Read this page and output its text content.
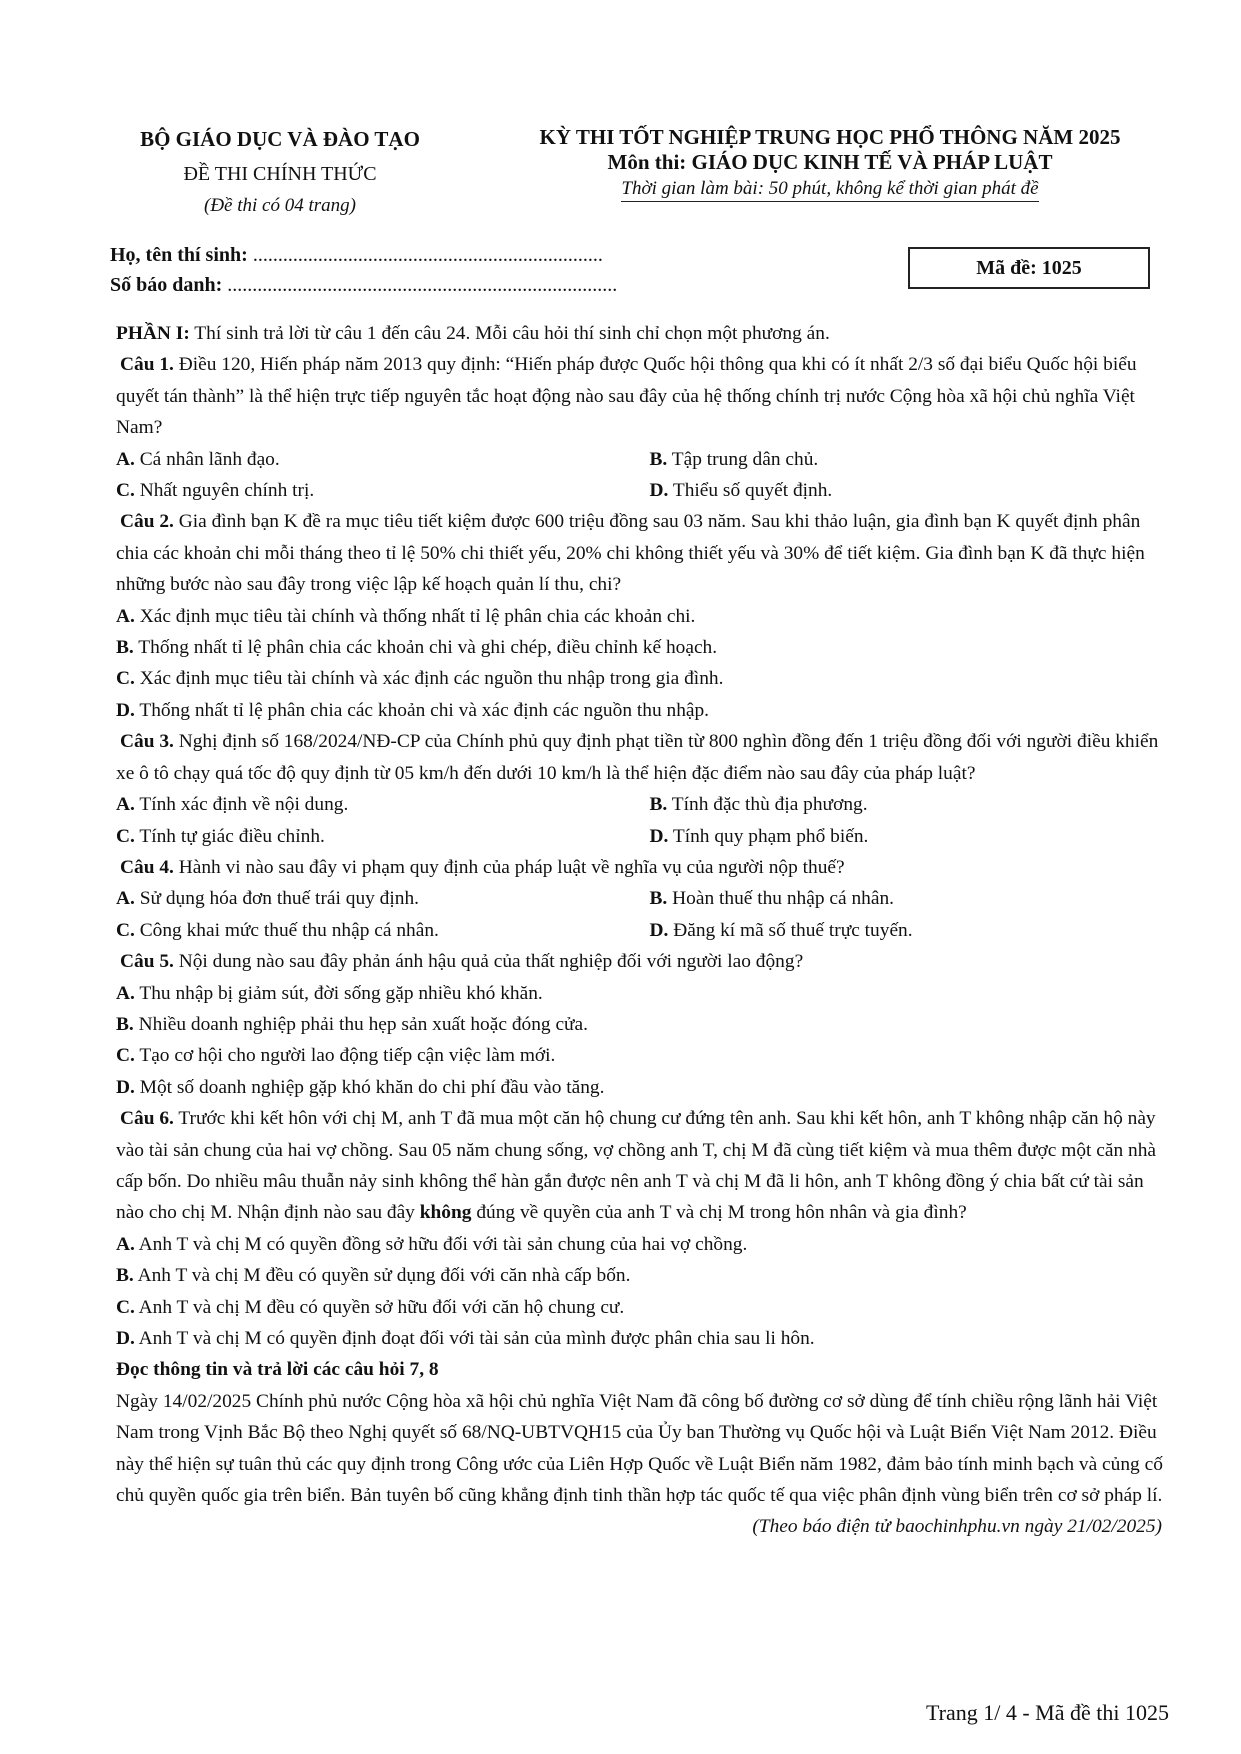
BỘ GIÁO DỤC VÀ ĐÀO TẠO
ĐỀ THI CHÍNH THỨC
(Đề thi có 04 trang)
KỲ THI TỐT NGHIỆP TRUNG HỌC PHỔ THÔNG NĂM 2025
Môn thi: GIÁO DỤC KINH TẾ VÀ PHÁP LUẬT
Thời gian làm bài: 50 phút, không kể thời gian phát đề
Họ, tên thí sinh: ......................................................................
Số báo danh: ..............................................................................
Mã đề: 1025

PHẦN I: Thí sinh trả lời từ câu 1 đến câu 24. Mỗi câu hỏi thí sinh chỉ chọn một phương án.

Câu 1. Điều 120, Hiến pháp năm 2013 quy định: “Hiến pháp được Quốc hội thông qua khi có ít nhất 2/3 số đại biểu Quốc hội biểu quyết tán thành” là thể hiện trực tiếp nguyên tắc hoạt động nào sau đây của hệ thống chính trị nước Cộng hòa xã hội chủ nghĩa Việt Nam?

A. Cá nhân lãnh đạo.	B. Tập trung dân chủ.
C. Nhất nguyên chính trị.	D. Thiểu số quyết định.

Câu 2. Gia đình bạn K đề ra mục tiêu tiết kiệm được 600 triệu đồng sau 03 năm. Sau khi thảo luận, gia đình bạn K quyết định phân chia các khoản chi mỗi tháng theo tỉ lệ 50% chi thiết yếu, 20% chi không thiết yếu và 30% để tiết kiệm. Gia đình bạn K đã thực hiện những bước nào sau đây trong việc lập kế hoạch quản lí thu, chi?

A. Xác định mục tiêu tài chính và thống nhất tỉ lệ phân chia các khoản chi.

B. Thống nhất tỉ lệ phân chia các khoản chi và ghi chép, điều chỉnh kế hoạch.

C. Xác định mục tiêu tài chính và xác định các nguồn thu nhập trong gia đình.

D. Thống nhất tỉ lệ phân chia các khoản chi và xác định các nguồn thu nhập.

Câu 3. Nghị định số 168/2024/NĐ-CP của Chính phủ quy định phạt tiền từ 800 nghìn đồng đến 1 triệu đồng đối với người điều khiển xe ô tô chạy quá tốc độ quy định từ 05 km/h đến dưới 10 km/h là thể hiện đặc điểm nào sau đây của pháp luật?

A. Tính xác định về nội dung.	B. Tính đặc thù địa phương.
C. Tính tự giác điều chỉnh.	D. Tính quy phạm phổ biến.

Câu 4. Hành vi nào sau đây vi phạm quy định của pháp luật về nghĩa vụ của người nộp thuế?

A. Sử dụng hóa đơn thuế trái quy định.	B. Hoàn thuế thu nhập cá nhân.
C. Công khai mức thuế thu nhập cá nhân.	D. Đăng kí mã số thuế trực tuyến.

Câu 5. Nội dung nào sau đây phản ánh hậu quả của thất nghiệp đối với người lao động?

A. Thu nhập bị giảm sút, đời sống gặp nhiều khó khăn.

B. Nhiều doanh nghiệp phải thu hẹp sản xuất hoặc đóng cửa.

C. Tạo cơ hội cho người lao động tiếp cận việc làm mới.

D. Một số doanh nghiệp gặp khó khăn do chi phí đầu vào tăng.

Câu 6. Trước khi kết hôn với chị M, anh T đã mua một căn hộ chung cư đứng tên anh. Sau khi kết hôn, anh T không nhập căn hộ này vào tài sản chung của hai vợ chồng. Sau 05 năm chung sống, vợ chồng anh T, chị M đã cùng tiết kiệm và mua thêm được một căn nhà cấp bốn. Do nhiều mâu thuẫn nảy sinh không thể hàn gắn được nên anh T và chị M đã li hôn, anh T không đồng ý chia bất cứ tài sản nào cho chị M. Nhận định nào sau đây không đúng về quyền của anh T và chị M trong hôn nhân và gia đình?

A. Anh T và chị M có quyền đồng sở hữu đối với tài sản chung của hai vợ chồng.

B. Anh T và chị M đều có quyền sử dụng đối với căn nhà cấp bốn.

C. Anh T và chị M đều có quyền sở hữu đối với căn hộ chung cư.

D. Anh T và chị M có quyền định đoạt đối với tài sản của mình được phân chia sau li hôn.

Đọc thông tin và trả lời các câu hỏi 7, 8

Ngày 14/02/2025 Chính phủ nước Cộng hòa xã hội chủ nghĩa Việt Nam đã công bố đường cơ sở dùng để tính chiều rộng lãnh hải Việt Nam trong Vịnh Bắc Bộ theo Nghị quyết số 68/NQ-UBTVQH15 của Ủy ban Thường vụ Quốc hội và Luật Biển Việt Nam 2012. Điều này thể hiện sự tuân thủ các quy định trong Công ước của Liên Hợp Quốc về Luật Biển năm 1982, đảm bảo tính minh bạch và củng cố chủ quyền quốc gia trên biển. Bản tuyên bố cũng khẳng định tinh thần hợp tác quốc tế qua việc phân định vùng biển trên cơ sở pháp lí.

(Theo báo điện tử baochinhphu.vn ngày 21/02/2025)

Trang 1/ 4 - Mã đề thi 1025
